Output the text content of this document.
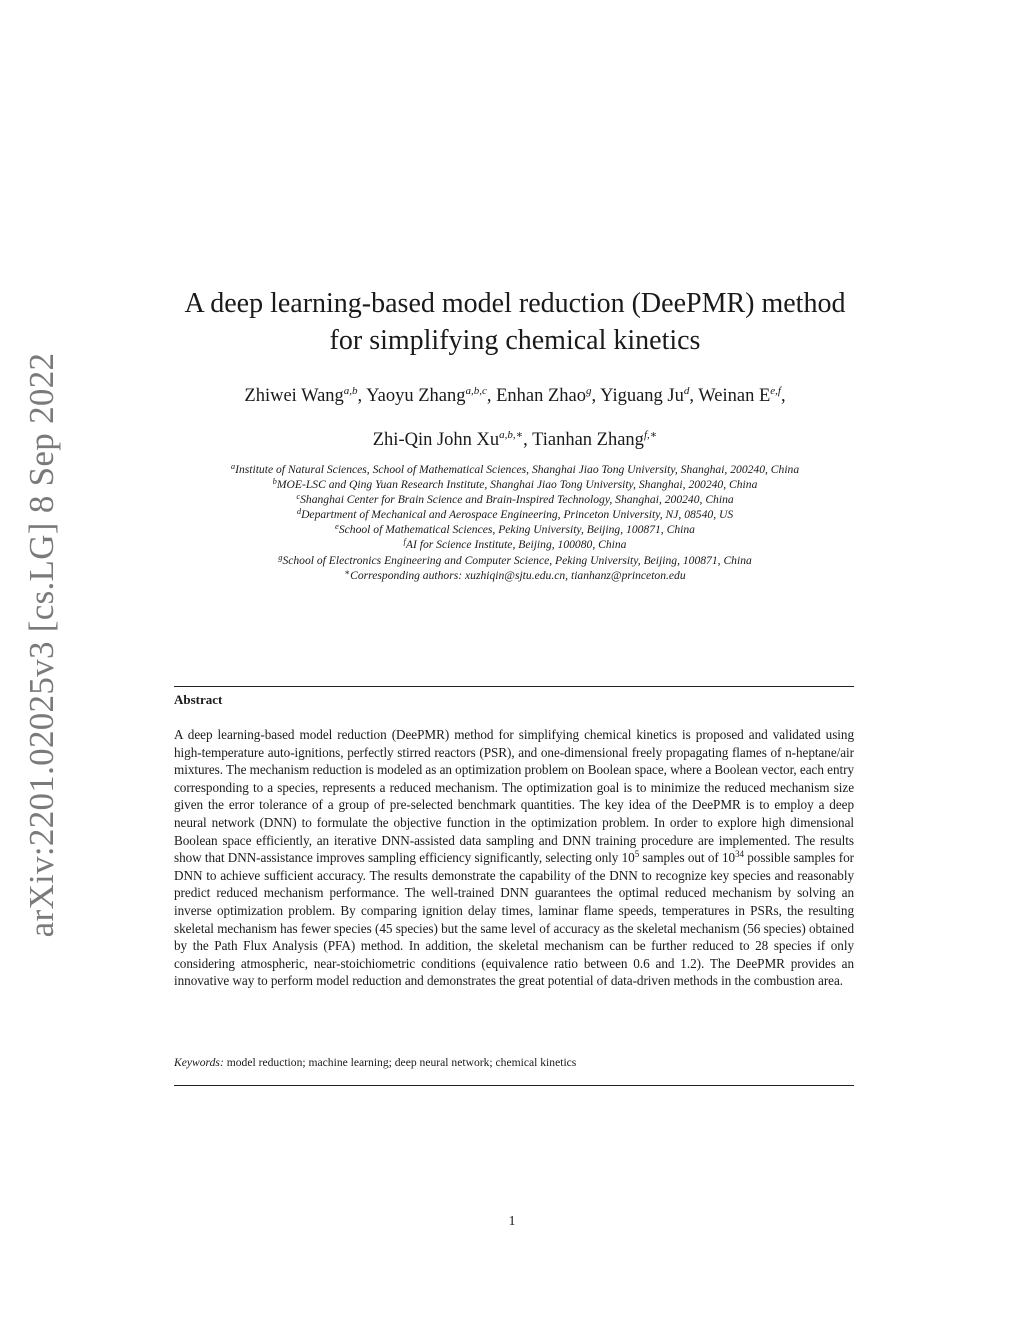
arXiv:2201.02025v3 [cs.LG] 8 Sep 2022
A deep learning-based model reduction (DeePMR) method
for simplifying chemical kinetics
Zhiwei Wang$^{a,b}$, Yaoyu Zhang$^{a,b,c}$, Enhan Zhao$^g$, Yiguang Ju$^d$, Weinan E$^{e,f}$,
Zhi-Qin John $Xu^{a,b,∗}$, Tianhan Zhang$^{f,∗}$
$^a$Institute of Natural Sciences, School of Mathematical Sciences, Shanghai Jiao Tong University, Shanghai, 200240, China
$^b$MOE-LSC and Qing Yuan Research Institute, Shanghai Jiao Tong University, Shanghai, 200240, China
$^c$Shanghai Center for Brain Science and Brain-Inspired Technology, Shanghai, 200240, China
$^d$Department of Mechanical and Aerospace Engineering, Princeton University, NJ, 08540, US
$^e$School of Mathematical Sciences, Peking University, Beijing, 100871, China
$^f$AI for Science Institute, Beijing, 100080, China
$^g$School of Electronics Engineering and Computer Science, Peking University, Beijing, 100871, China
∗Corresponding authors: xuzhiqin@sjtu.edu.cn, tianhanz@princeton.edu
Abstract
A deep learning-based model reduction (DeePMR) method for simplifying chemical kinetics is proposed and validated using high-temperature auto-ignitions, perfectly stirred reactors (PSR), and one-dimensional freely propagating flames of n-heptane/air mixtures. The mechanism reduction is modeled as an optimization problem on Boolean space, where a Boolean vector, each entry corresponding to a species, represents a reduced mechanism. The optimization goal is to minimize the reduced mechanism size given the error tolerance of a group of pre-selected benchmark quantities. The key idea of the DeePMR is to employ a deep neural network (DNN) to formulate the objective function in the optimization problem. In order to explore high dimensional Boolean space efficiently, an iterative DNN-assisted data sampling and DNN training procedure are implemented. The results show that DNN-assistance improves sampling efficiency significantly, selecting only $10^5$ samples out of $10^{34}$ possible samples for DNN to achieve sufficient accuracy. The results demonstrate the capability of the DNN to recognize key species and reasonably predict reduced mechanism performance. The well-trained DNN guarantees the optimal reduced mechanism by solving an inverse optimization problem. By comparing ignition delay times, laminar flame speeds, temperatures in PSRs, the resulting skeletal mechanism has fewer species (45 species) but the same level of accuracy as the skeletal mechanism (56 species) obtained by the Path Flux Analysis (PFA) method. In addition, the skeletal mechanism can be further reduced to 28 species if only considering atmospheric, near-stoichiometric conditions (equivalence ratio between 0.6 and 1.2). The DeePMR provides an innovative way to perform model reduction and demonstrates the great potential of data-driven methods in the combustion area.
Keywords: model reduction; machine learning; deep neural network; chemical kinetics
1
